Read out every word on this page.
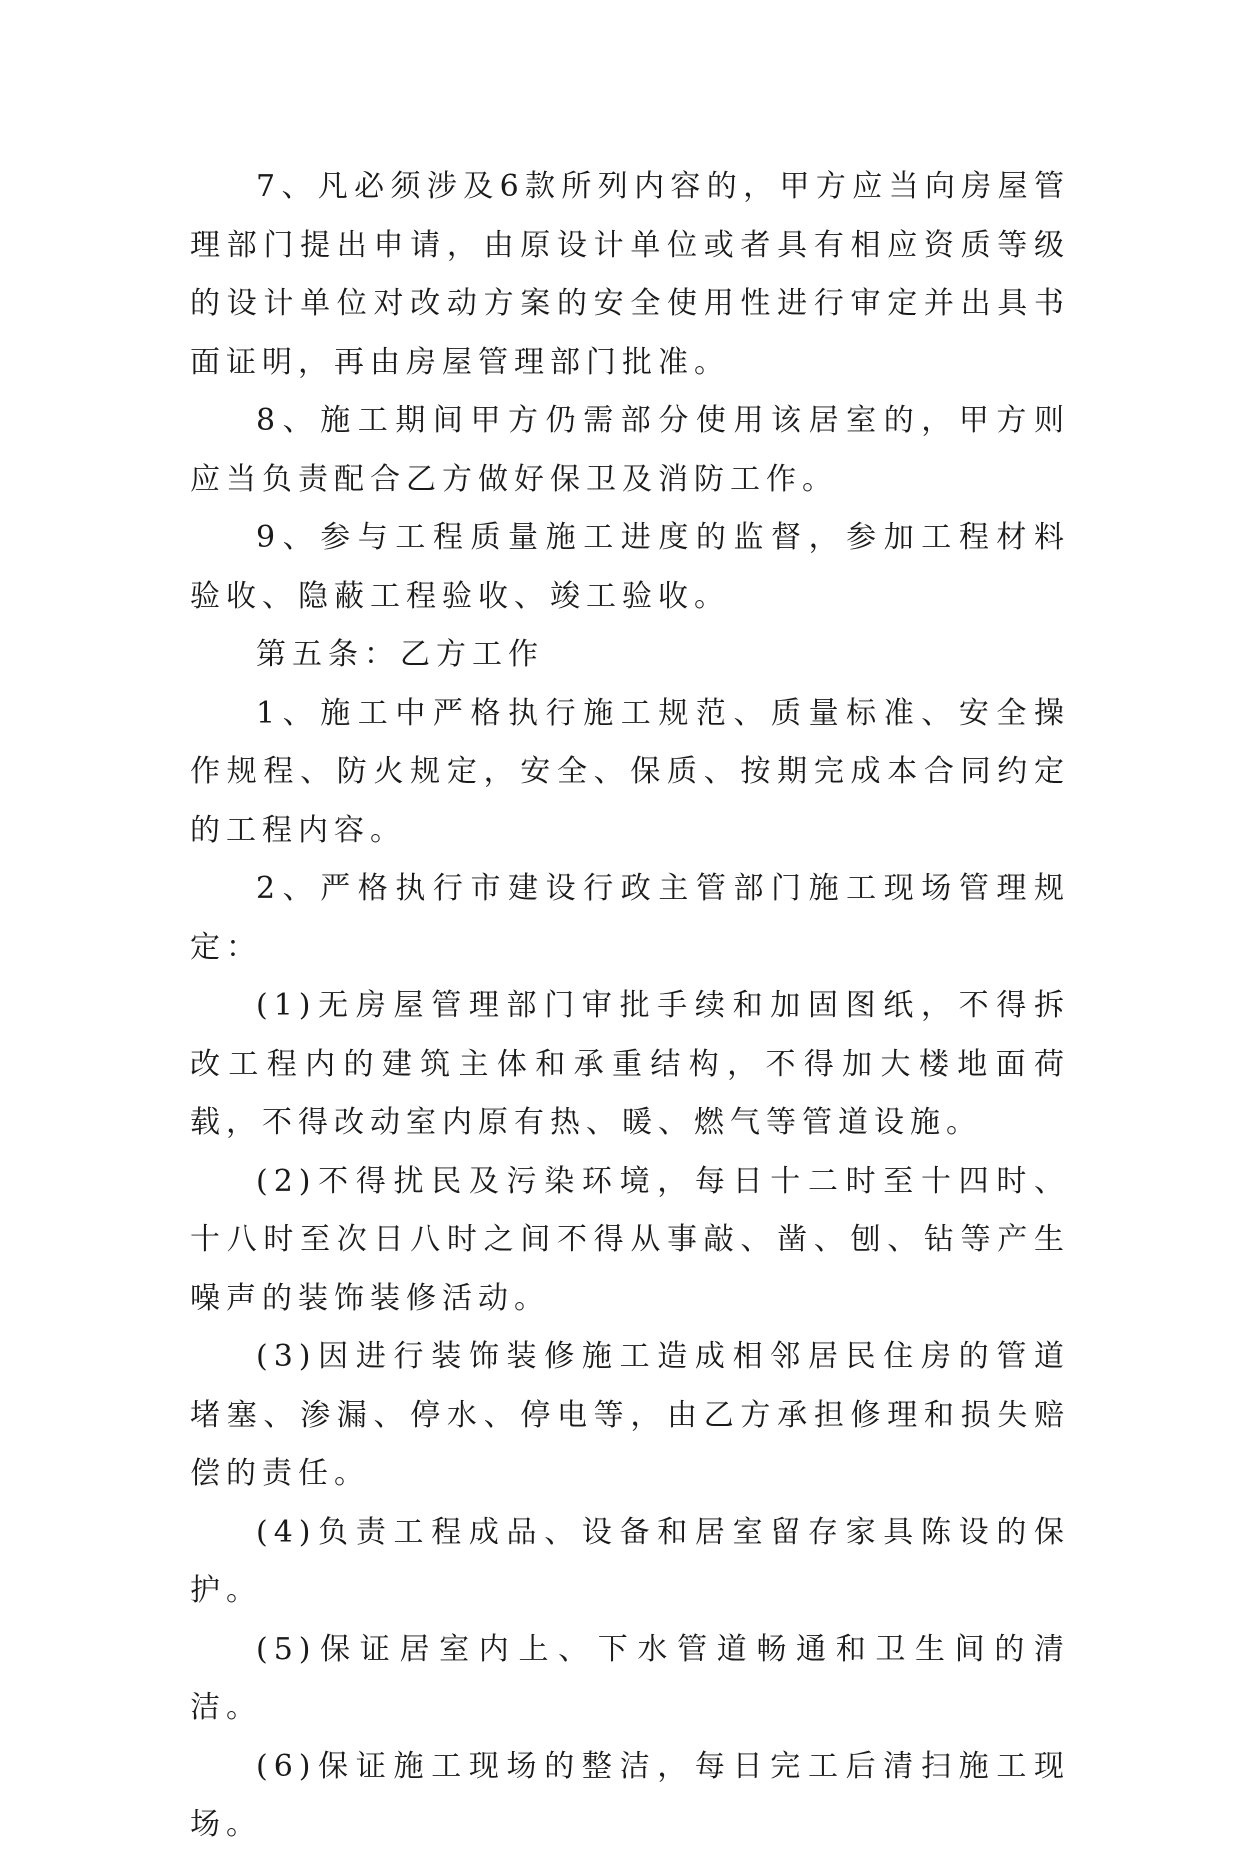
7、凡必须涉及6款所列内容的，甲方应当向房屋管理部门提出申请，由原设计单位或者具有相应资质等级的设计单位对改动方案的安全使用性进行审定并出具书面证明，再由房屋管理部门批准。

8、施工期间甲方仍需部分使用该居室的，甲方则应当负责配合乙方做好保卫及消防工作。

9、参与工程质量施工进度的监督，参加工程材料验收、隐蔽工程验收、竣工验收。

第五条：乙方工作

1、施工中严格执行施工规范、质量标准、安全操作规程、防火规定，安全、保质、按期完成本合同约定的工程内容。

2、严格执行市建设行政主管部门施工现场管理规定：

(1)无房屋管理部门审批手续和加固图纸，不得拆改工程内的建筑主体和承重结构，不得加大楼地面荷载，不得改动室内原有热、暖、燃气等管道设施。

(2)不得扰民及污染环境，每日十二时至十四时、十八时至次日八时之间不得从事敲、凿、刨、钻等产生噪声的装饰装修活动。

(3)因进行装饰装修施工造成相邻居民住房的管道堵塞、渗漏、停水、停电等，由乙方承担修理和损失赔偿的责任。

(4)负责工程成品、设备和居室留存家具陈设的保护。

(5)保证居室内上、下水管道畅通和卫生间的清洁。

(6)保证施工现场的整洁，每日完工后清扫施工现场。
